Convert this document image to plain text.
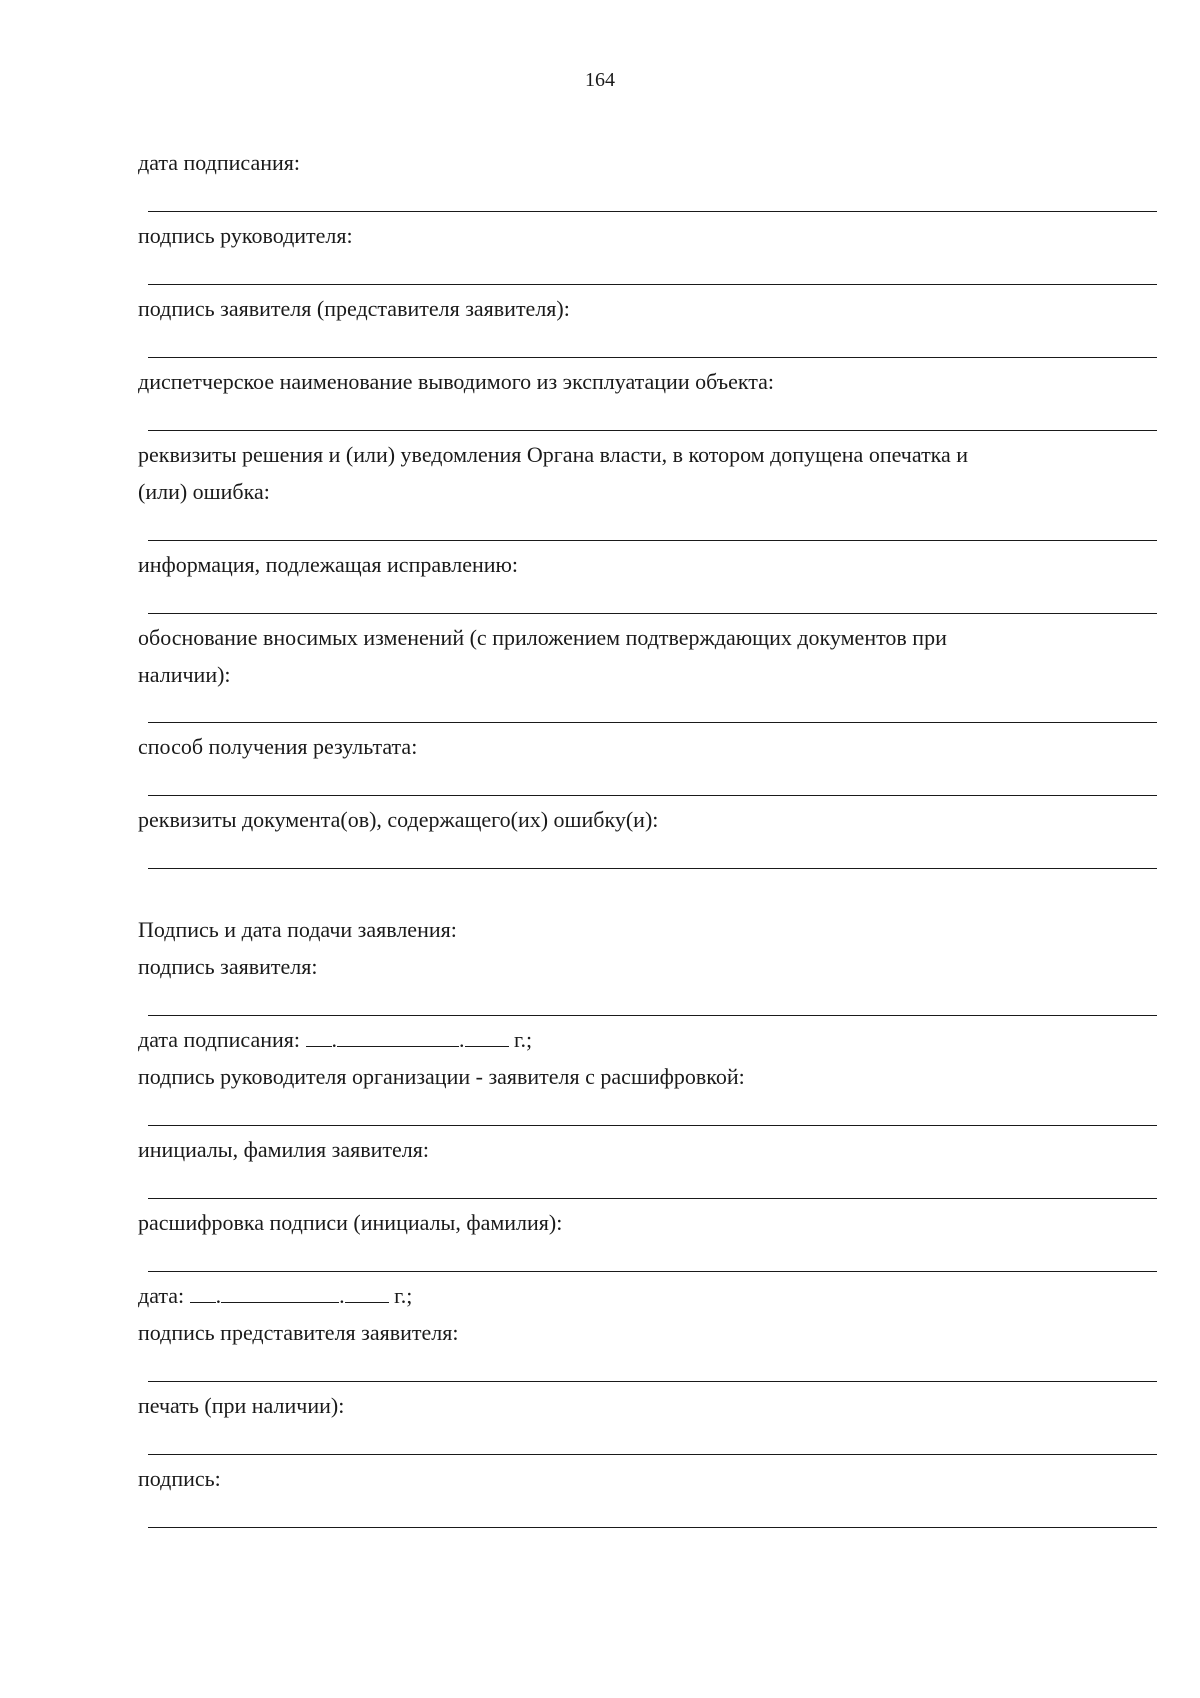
164
дата подписания:
подпись руководителя:
подпись заявителя (представителя заявителя):
диспетчерское наименование выводимого из эксплуатации объекта:
реквизиты решения и (или) уведомления Органа власти, в котором допущена опечатка и
(или) ошибка:
информация, подлежащая исправлению:
обоснование вносимых изменений (с приложением подтверждающих документов при
наличии):
способ получения результата:
реквизиты документа(ов), содержащего(их) ошибку(и):
Подпись и дата подачи заявления:
подпись заявителя:
дата подписания: .	. г.;
подпись руководителя организации - заявителя с расшифровкой:
инициалы, фамилия заявителя:
расшифровка подписи (инициалы, фамилия):
дата: .	. г.;
подпись представителя заявителя:
печать (при наличии):
подпись:
